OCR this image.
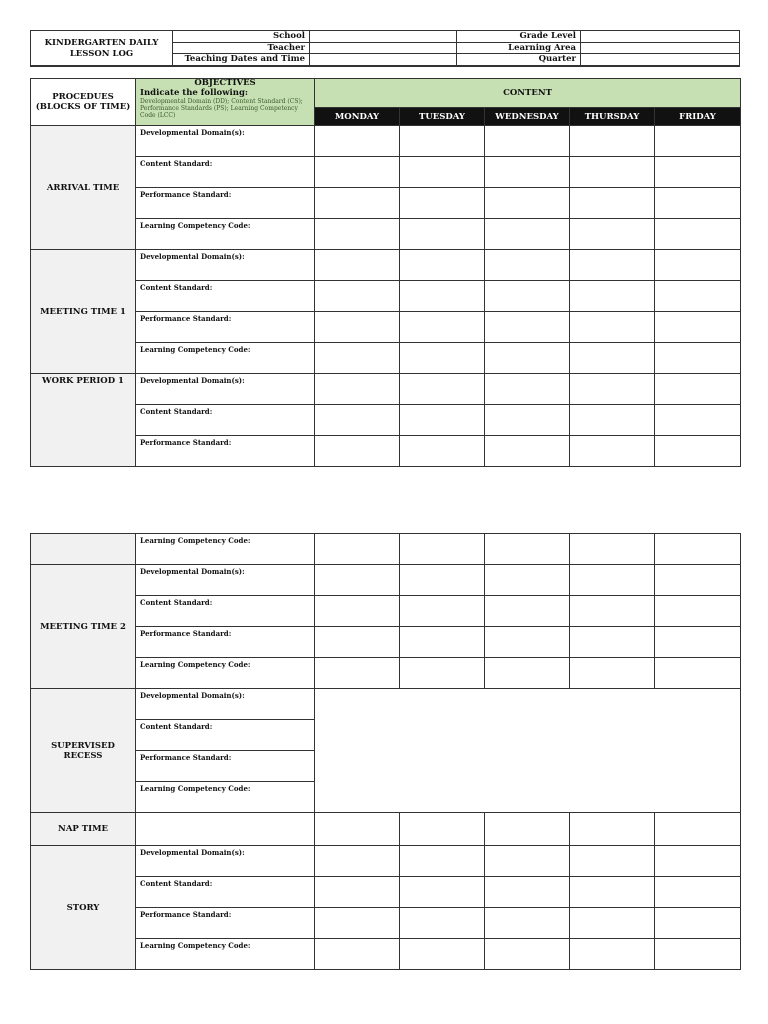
KINDERGARTEN DAILY LESSON LOG
School
Teacher
Teaching Dates and Time
Grade Level
Learning Area
Quarter
PROCEDUES (BLOCKS OF TIME)	OBJECTIVES
Indicate the following:
Developmental Domain (DD); Content Standard (CS); Performance Standards (PS); Learning Competency Code (LCC)	CONTENT				
		MONDAY	TUESDAY	WEDNESDAY	THURSDAY	FRIDAY
ARRIVAL TIME	Developmental Domain(s):					
	Content Standard:					
	Performance Standard:					
	Learning Competency Code:					
MEETING TIME 1	Developmental Domain(s):					
	Content Standard:					
	Performance Standard:					
	Learning Competency Code:					
WORK PERIOD 1	Developmental Domain(s):					
	Content Standard:					
	Performance Standard:					
	Learning Competency Code:					
MEETING TIME 2	Developmental Domain(s):					
	Content Standard:					
	Performance Standard:					
	Learning Competency Code:					
SUPERVISED RECESS	Developmental Domain(s):					
	Content Standard:					
	Performance Standard:					
	Learning Competency Code:					
NAP TIME						
STORY	Developmental Domain(s):					
	Content Standard:					
	Performance Standard:					
	Learning Competency Code:					
